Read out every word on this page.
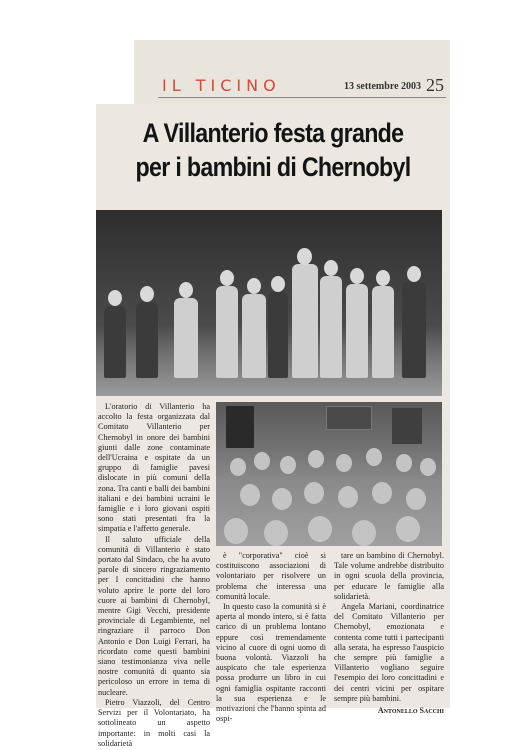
IL TICINO	13 settembre 2003 25
A Villanterio festa grande
per i bambini di Chernobyl

L'oratorio di Villanterio ha accolto la festa organizzata dal Comitato Villanterio per Chernobyl in onore dei bambini giunti dalle zone contaminate dell'Ucraina e ospitate da un gruppo di famiglie pavesi dislocate in più comuni della zona. Tra canti e balli dei bambini italiani e dei bambini ucraini le famiglie e i loro giovani ospiti sono stati presentati fra la simpatia e l'affetto generale.

Il saluto ufficiale della comunità di Villanterio è stato portato dal Sindaco, che ha avuto parole di sincero ringraziamento per I concittadini che hanno voluto aprire le porte del loro cuore ai bambini di Chernobyl, mentre Gigi Vecchi, presidente provinciale di Legambiente, nel ringraziare il parroco Don Antonio e Don Luigi Ferrari, ha ricordato come questi bambini siano testimonianza viva nelle nostre comunità di quanto sia pericoloso un errore in tema di nucleare.

Pietro Viazzoli, del Centro Servizi per il Volontariato, ha sottolineato un aspetto importante: in molti casi la solidarietà

è "corporativa" cioè si costituiscono associazioni di volontariato per risolvere un problema che interessa una comunità locale.

In questo caso la comunità si è aperta al mondo intero, si è fatta carico di un problema lontano eppure così tremendamente vicino al cuore di ogni uomo di buona volontà. Viazzoli ha auspicato che tale esperienza possa produrre un libro in cui ogni famiglia ospitante racconti la sua esperienza e le motivazioni che l'hanno spinta ad ospi-

tare un bambino di Chernobyl. Tale volume andrebbe distribuito in ogni scuola della provincia, per educare le famiglie alla solidarietà.

Angela Mariani, coordinatrice del Comitato Villanterio per Chernobyl, emozionata e contenta come tutti i partecipanti alla serata, ha espresso l'auspicio che sempre più famiglie a Villanterio vogliano seguire l'esempio dei loro concittadini e dei centri vicini per ospitare sempre più bambini.

Antonello Sacchi
